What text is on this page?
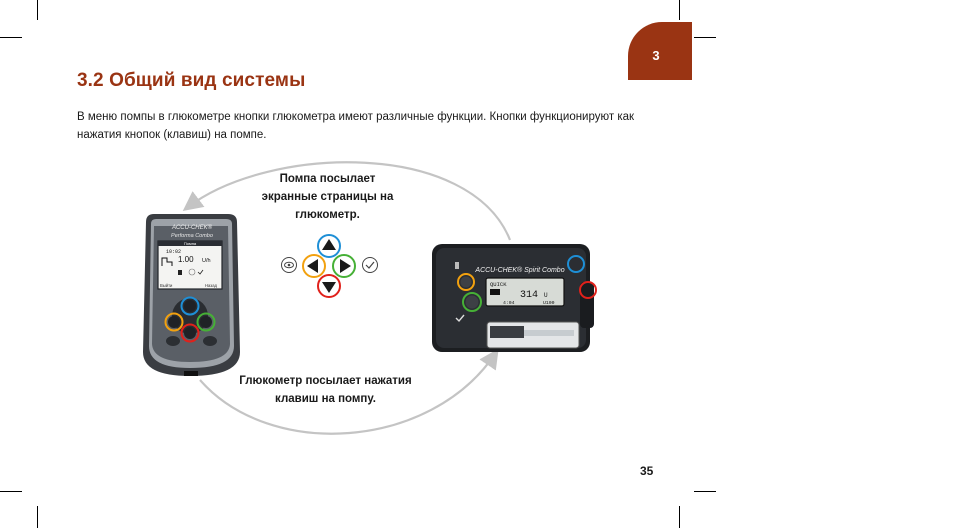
3
3.2 Общий вид системы

В меню помпы в глюкометре кнопки глюкометра имеют различные функции. Кнопки функционируют как нажатия кнопок (клавиш) на помпе.

ACCU-CHEK®
Performa Combo
Помпа
10:02
1.00 U/h
Выйти	Назад
ACCU-CHEK® Spirit Combo
QUICK
314 U
4:04	U100
Помпа посылает экранные страницы на глюкометр.
Глюкометр посылает нажатия клавиш на помпу.
35
